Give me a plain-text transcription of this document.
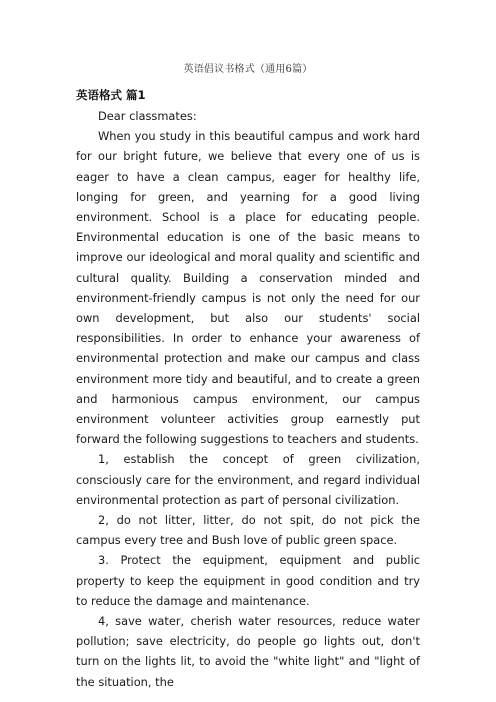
英语倡议书格式（通用6篇）
英语格式 篇1

Dear classmates:

When you study in this beautiful campus and work hard for our bright future, we believe that every one of us is eager to have a clean campus, eager for healthy life, longing for green, and yearning for a good living environment. School is a place for educating people. Environmental education is one of the basic means to improve our ideological and moral quality and scientific and cultural quality. Building a conservation minded and environment-friendly campus is not only the need for our own development, but also our students' social responsibilities. In order to enhance your awareness of environmental protection and make our campus and class environment more tidy and beautiful, and to create a green and harmonious campus environment, our campus environment volunteer activities group earnestly put forward the following suggestions to teachers and students.

1, establish the concept of green civilization, consciously care for the environment, and regard individual environmental protection as part of personal civilization.

2, do not litter, litter, do not spit, do not pick the campus every tree and Bush love of public green space.

3. Protect the equipment, equipment and public property to keep the equipment in good condition and try to reduce the damage and maintenance.

4, save water, cherish water resources, reduce water pollution; save electricity, do people go lights out, don't turn on the lights lit, to avoid the "white light" and "light of the situation, the
